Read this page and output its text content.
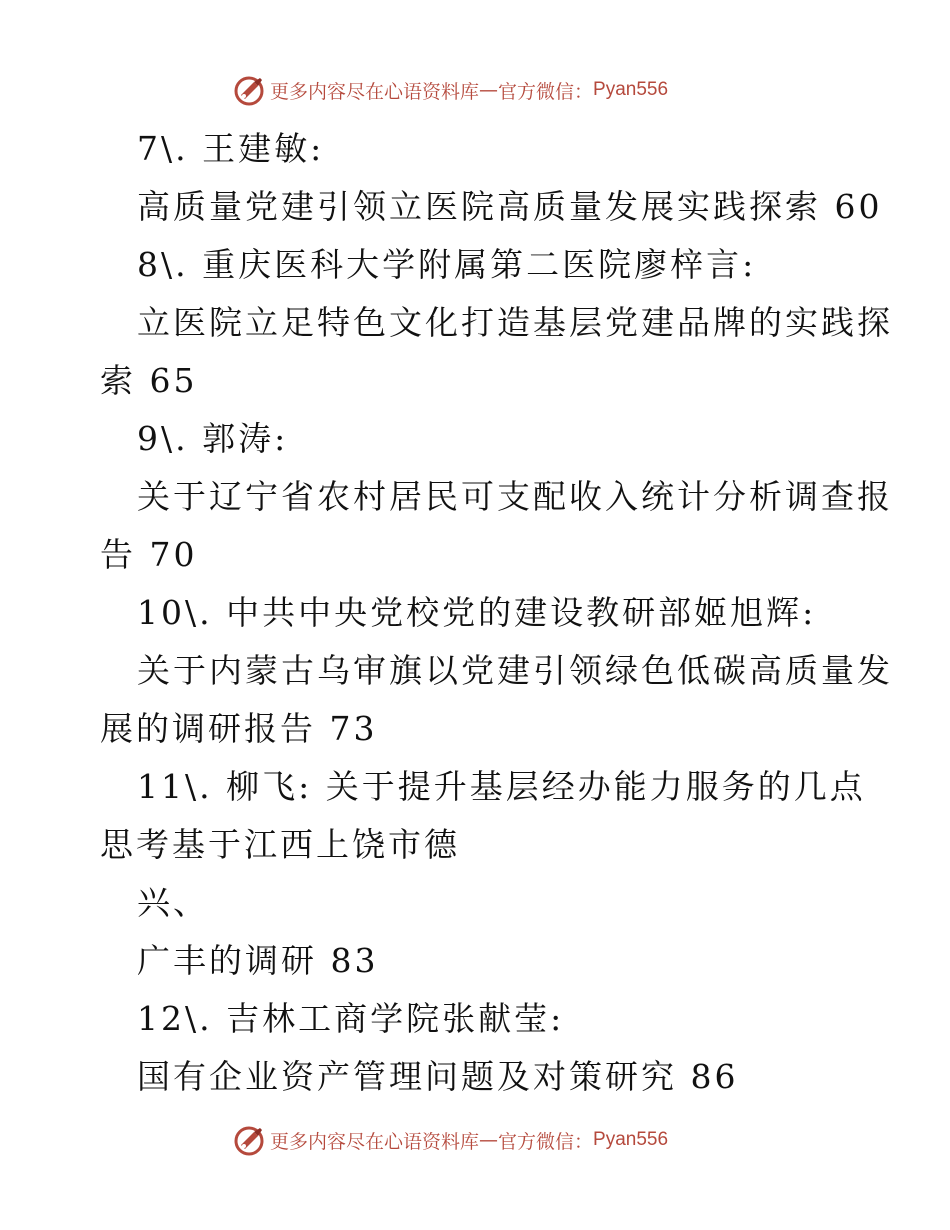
更多内容尽在心语资料库 — 官方微信： Pyan556
7\. 王建敏:
高质量党建引领立医院高质量发展实践探索 60
8\. 重庆医科大学附属第二医院廖梓言:
立医院立足特色文化打造基层党建品牌的实践探
索 65
9\. 郭涛:
关于辽宁省农村居民可支配收入统计分析调查报
告 70
10\. 中共中央党校党的建设教研部姬旭辉:
关于内蒙古乌审旗以党建引领绿色低碳高质量发
展的调研报告 73
11\. 柳飞: 关于提升基层经办能力服务的几点
思考基于江西上饶市德
兴、
广丰的调研 83
12\. 吉林工商学院张献莹:
国有企业资产管理问题及对策研究 86
更多内容尽在心语资料库 — 官方微信： Pyan556
